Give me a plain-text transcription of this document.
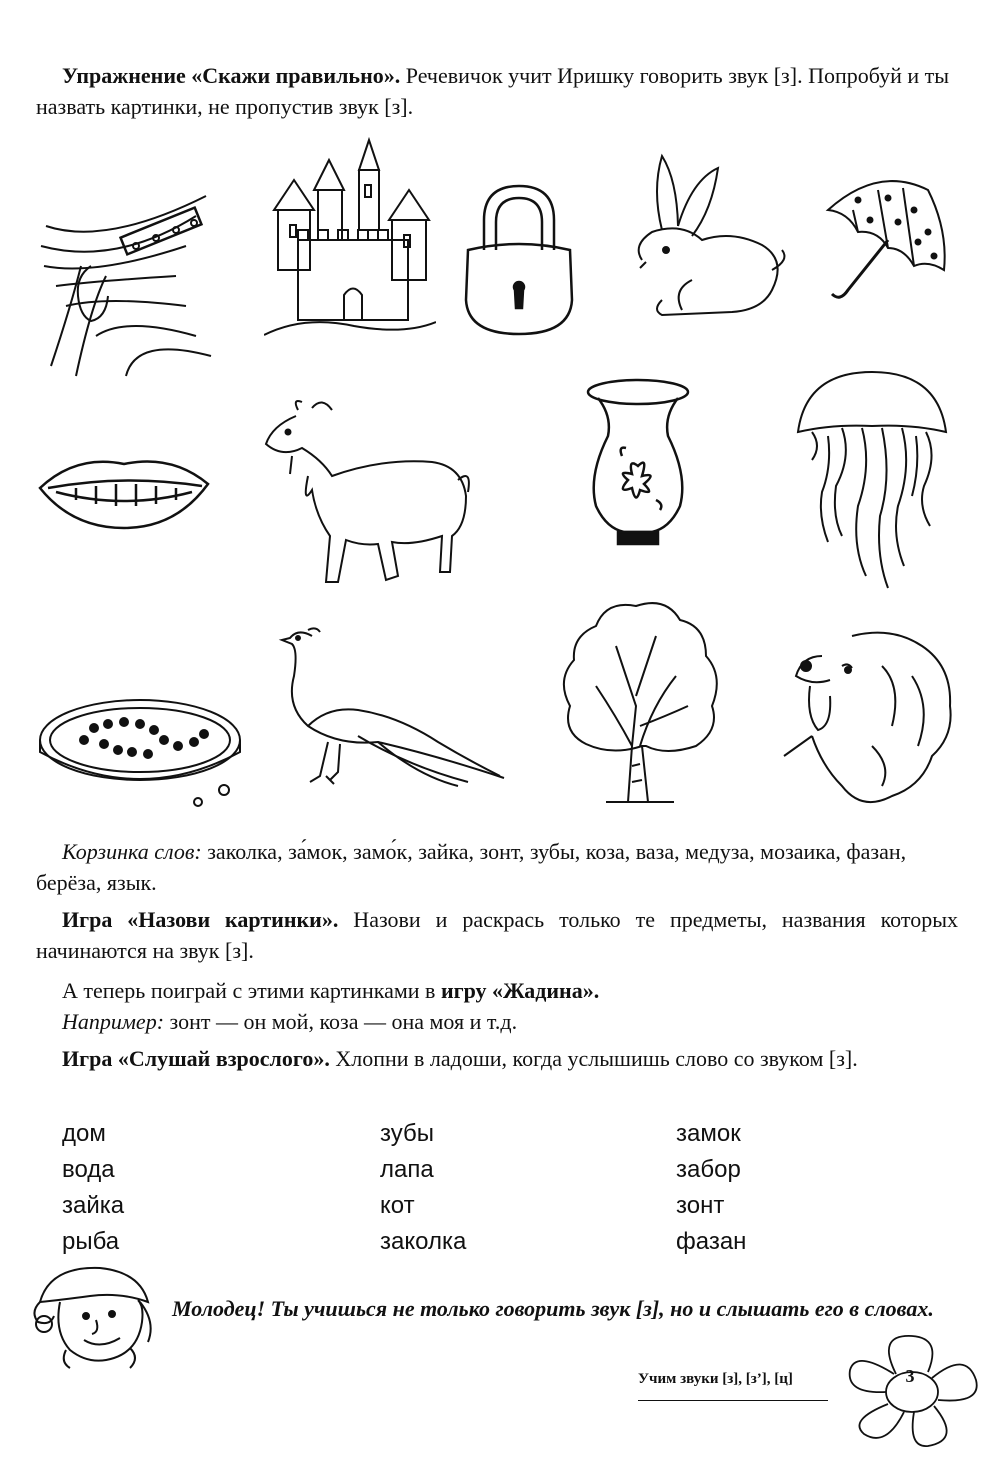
Упражнение «Скажи правильно». Речевичок учит Иришку говорить звук [з]. Попробуй и ты назвать картинки, не пропустив звук [з].
Корзинка слов: заколка, за́мок, замо́к, зайка, зонт, зубы, коза, ваза, медуза, мозаика, фазан, берёза, язык.
Игра «Назови картинки». Назови и раскрась только те предметы, названия которых начинаются на звук [з].
А теперь поиграй с этими картинками в игру «Жадина».
Например: зонт — он мой, коза — она моя и т.д.
Игра «Слушай взрослого». Хлопни в ладоши, когда услышишь слово со звуком [з].
дом
вода
зайка
рыба
зубы
лапа
кот
заколка
замок
забор
зонт
фазан
Молодец! Ты учишься не только говорить звук [з], но и слышать его в словах.
Учим звуки [з], [з’], [ц]	3
